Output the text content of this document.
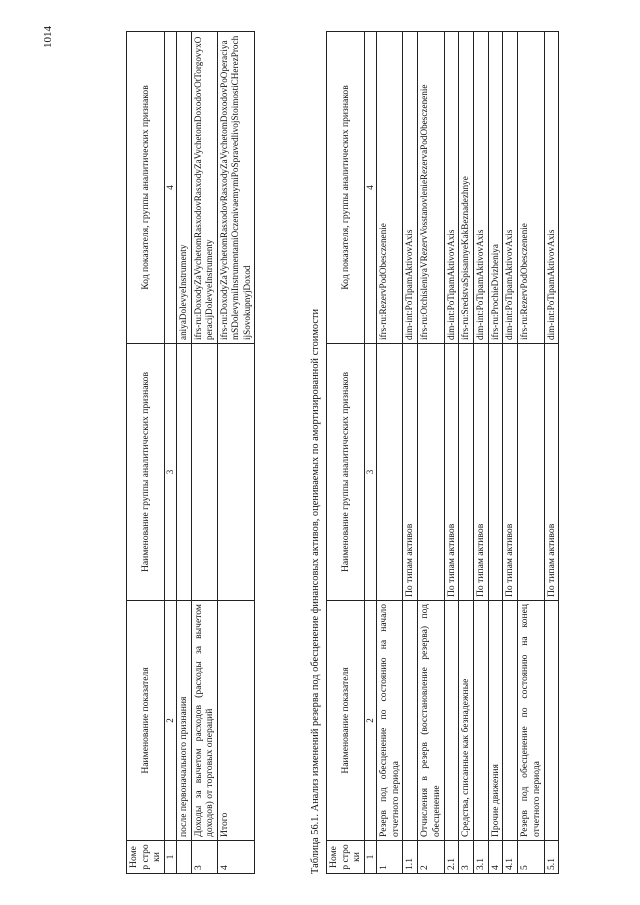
1014
Номер строки	Наименование показателя	Наименование группы аналитических признаков	Код показателя, группы аналитических признаков
1	2	3	4
	после первоначального признания		aniyaDolevyeInstrumenty
3	Доходы за вычетом расходов (расходы за вычетом доходов) от торговых операций		ifrs-ru:DoxodyZaVychetomRasxodovRasxodyZaVychetomDoxodovOtTorgovyxOperacijDolevyeInstrumenty
4	Итого		ifrs-ru:DoxodyZaVychetomRasxodovRasxodyZaVychetomDoxodovPoOperaciyamSDolevymiInstrumentamiOczenivaemymiPoSpravedlivojStoimostiCHerezProchijSovokupnyjDoxod
Таблица 56.1. Анализ изменений резерва под обесценение финансовых активов, оцениваемых по амортизированной стоимости Номер строки	Наименование показателя	Наименование группы аналитических признаков	Код показателя, группы аналитических признаков
1	2	3	4
1	Резерв под обесценение по состоянию на начало отчетного периода		ifrs-ru:RezervPodObesczenenie
1.1		По типам активов	dim-int:PoTipamAktivovAxis
2	Отчисления в резерв (восстановление резерва) под обесценение		ifrs-ru:OtchisleniyaVRezervVosstanovlenieRezervaPodObesczenenie
2.1		По типам активов	dim-int:PoTipamAktivovAxis
3	Средства, списанные как безнадежные		ifrs-ru:SredstvaSpisannyeKakBeznadezhnye
3.1		По типам активов	dim-int:PoTipamAktivovAxis
4	Прочие движения		ifrs-ru:ProchieDvizheniya
4.1		По типам активов	dim-int:PoTipamAktivovAxis
5	Резерв под обесценение по состоянию на конец отчетного периода		ifrs-ru:RezervPodObesczenenie
5.1		По типам активов	dim-int:PoTipamAktivovAxis
